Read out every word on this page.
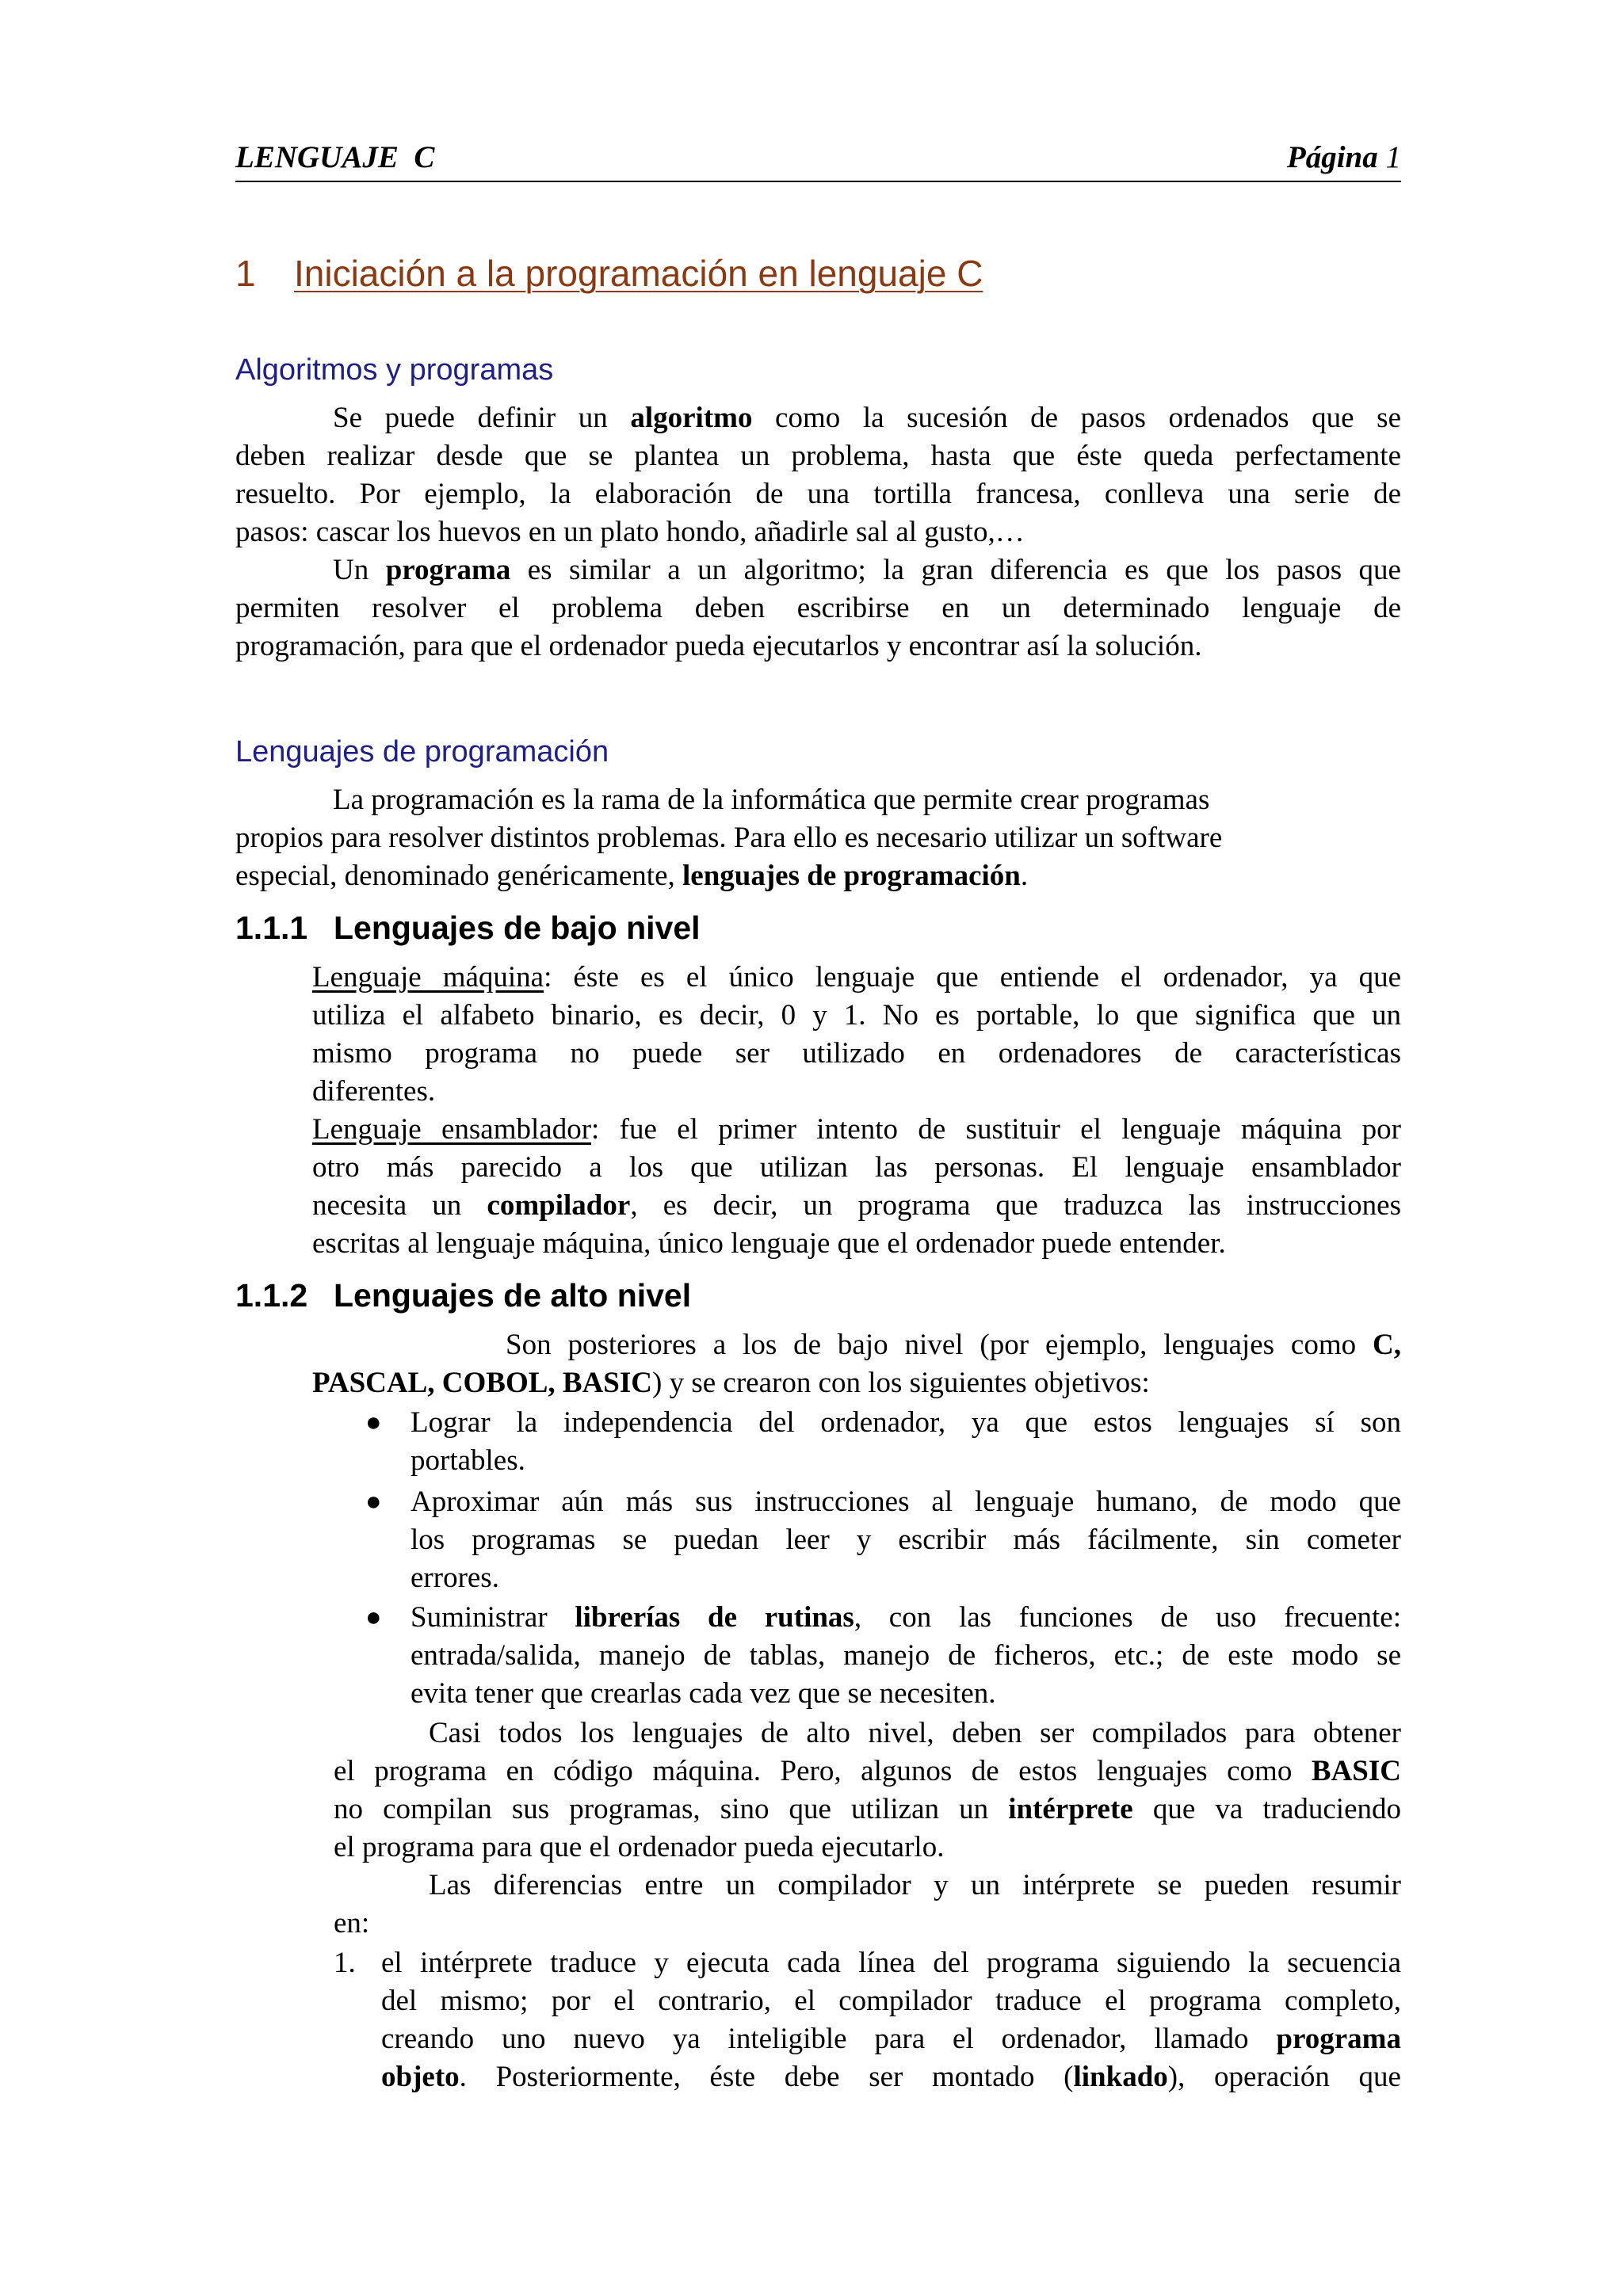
LENGUAJE  C	Página 1
1 Iniciación a la programación en lenguaje C
Algoritmos y programas
Se puede definir un algoritmo como la sucesión de pasos ordenados que se
deben realizar desde que se plantea un problema, hasta que éste queda perfectamente
resuelto. Por ejemplo, la elaboración de una tortilla francesa, conlleva una serie de
pasos: cascar los huevos en un plato hondo, añadirle sal al gusto,…
Un programa es similar a un algoritmo; la gran diferencia es que los pasos que
permiten resolver el problema deben escribirse en un determinado lenguaje de
programación, para que el ordenador pueda ejecutarlos y encontrar así la solución.
Lenguajes de programación
La programación es la rama de la informática que permite crear programas
propios para resolver distintos problemas. Para ello es necesario utilizar un software
especial, denominado genéricamente, lenguajes de programación.
1.1.1 Lenguajes de bajo nivel
Lenguaje máquina: éste es el único lenguaje que entiende el ordenador, ya que
utiliza el alfabeto binario, es decir, 0 y 1. No es portable, lo que significa que un
mismo programa no puede ser utilizado en ordenadores de características
diferentes.
Lenguaje ensamblador: fue el primer intento de sustituir el lenguaje máquina por
otro más parecido a los que utilizan las personas. El lenguaje ensamblador
necesita un compilador, es decir, un programa que traduzca las instrucciones
escritas al lenguaje máquina, único lenguaje que el ordenador puede entender.
1.1.2 Lenguajes de alto nivel
Son posteriores a los de bajo nivel (por ejemplo, lenguajes como C,
PASCAL, COBOL, BASIC) y se crearon con los siguientes objetivos:
● Lograr la independencia del ordenador, ya que estos lenguajes sí son
portables.
● Aproximar aún más sus instrucciones al lenguaje humano, de modo que
los programas se puedan leer y escribir más fácilmente, sin cometer
errores.
● Suministrar librerías de rutinas, con las funciones de uso frecuente:
entrada/salida, manejo de tablas, manejo de ficheros, etc.; de este modo se
evita tener que crearlas cada vez que se necesiten.
Casi todos los lenguajes de alto nivel, deben ser compilados para obtener
el programa en código máquina. Pero, algunos de estos lenguajes como BASIC
no compilan sus programas, sino que utilizan un intérprete que va traduciendo
el programa para que el ordenador pueda ejecutarlo.
Las diferencias entre un compilador y un intérprete se pueden resumir
en:
1. el intérprete traduce y ejecuta cada línea del programa siguiendo la secuencia
del mismo; por el contrario, el compilador traduce el programa completo,
creando uno nuevo ya inteligible para el ordenador, llamado programa
objeto. Posteriormente, éste debe ser montado (linkado), operación que
